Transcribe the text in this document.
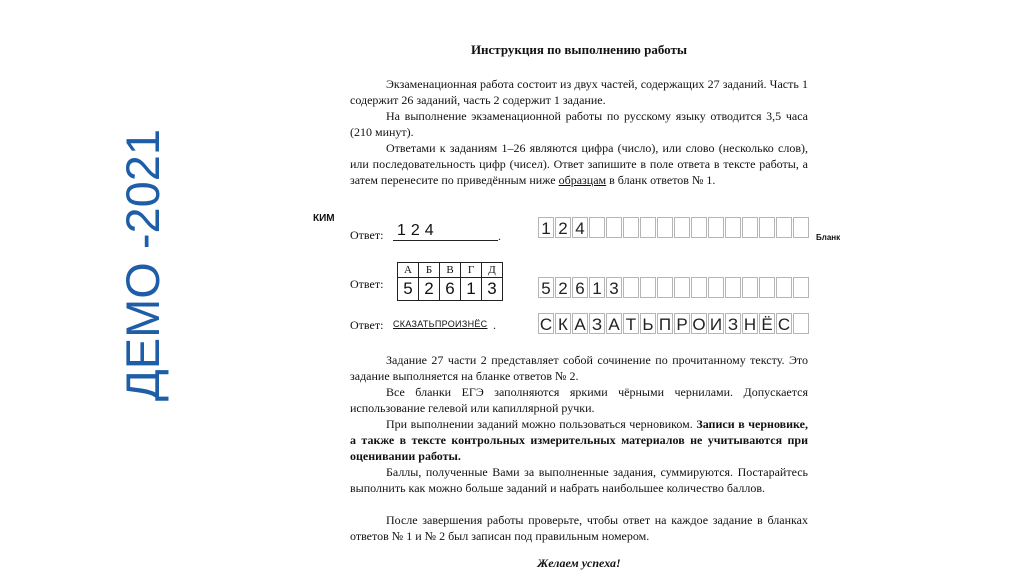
ДЕМО -2021
Инструкция по выполнению работы

Экзаменационная работа состоит из двух частей, содержащих 27 заданий. Часть 1 содержит 26 заданий, часть 2 содержит 1 задание.

На выполнение экзаменационной работы по русскому языку отводится 3,5 часа (210 минут).

Ответами к заданиям 1–26 являются цифра (число), или слово (несколько слов), или последовательность цифр (чисел). Ответ запишите в поле ответа в тексте работы, а затем перенесите по приведённым ниже образцам в бланк ответов № 1.

КИМ
Бланк
Ответ: 124	. 1 2 4
Ответ:
А	Б	В	Г	Д
5	2	6	1	3	5 2 6 1 3
Ответ: СКАЗАТЬПРОИЗНЁС .	С К А З А Т Ь П Р О И З Н Ё С

Задание 27 части 2 представляет собой сочинение по прочитанному тексту. Это задание выполняется на бланке ответов № 2.

Все бланки ЕГЭ заполняются яркими чёрными чернилами. Допускается использование гелевой или капиллярной ручки.

При выполнении заданий можно пользоваться черновиком. Записи в черновике, а также в тексте контрольных измерительных материалов не учитываются при оценивании работы.

Баллы, полученные Вами за выполненные задания, суммируются. Постарайтесь выполнить как можно больше заданий и набрать наибольшее количество баллов.

После завершения работы проверьте, чтобы ответ на каждое задание в бланках ответов № 1 и № 2 был записан под правильным номером.

Желаем успеха!
